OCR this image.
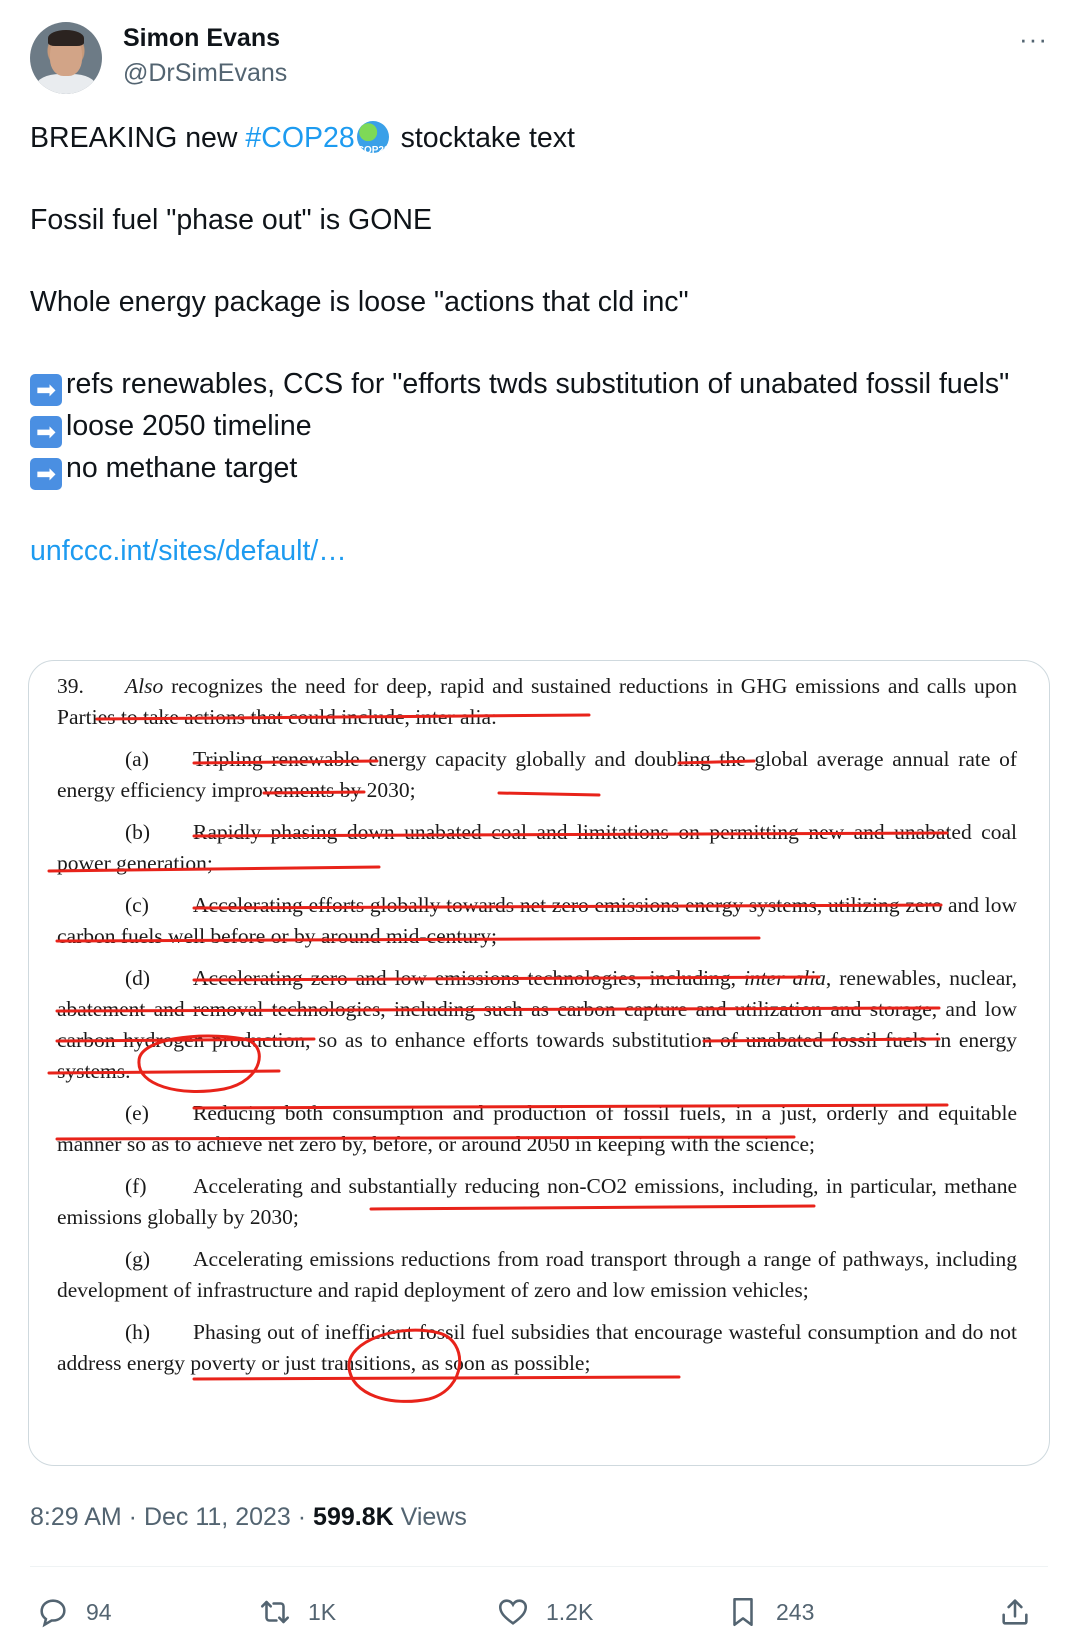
Simon Evans
@DrSimEvans
···

BREAKING new #COP28 COP28 stocktake text

Fossil fuel "phase out" is GONE

Whole energy package is loose "actions that cld inc"

➡ refs renewables, CCS for "efforts twds substitution of unabated fossil fuels"

➡ loose 2050 timeline

➡ no methane target

unfccc.int/sites/default/…

39. Also recognizes the need for deep, rapid and sustained reductions in GHG emissions and calls upon Parties to take actions that could include, inter alia:
(a) Tripling renewable energy capacity globally and doubling the global average annual rate of energy efficiency improvements by 2030;
(b) Rapidly phasing down unabated coal and limitations on permitting new and unabated coal power generation;
(c) Accelerating efforts globally towards net zero emissions energy systems, utilizing zero and low carbon fuels well before or by around mid-century;
(d) Accelerating zero and low emissions technologies, including, inter alia, renewables, nuclear, abatement and removal technologies, including such as carbon capture and utilization and storage, and low carbon hydrogen production, so as to enhance efforts towards substitution of unabated fossil fuels in energy systems.
(e) Reducing both consumption and production of fossil fuels, in a just, orderly and equitable manner so as to achieve net zero by, before, or around 2050 in keeping with the science;
(f) Accelerating and substantially reducing non-CO2 emissions, including, in particular, methane emissions globally by 2030;
(g) Accelerating emissions reductions from road transport through a range of pathways, including development of infrastructure and rapid deployment of zero and low emission vehicles;
(h) Phasing out of inefficient fossil fuel subsidies that encourage wasteful consumption and do not address energy poverty or just transitions, as soon as possible;
8:29 AM · Dec 11, 2023 · 599.8K Views
94	1K	1.2K	243
